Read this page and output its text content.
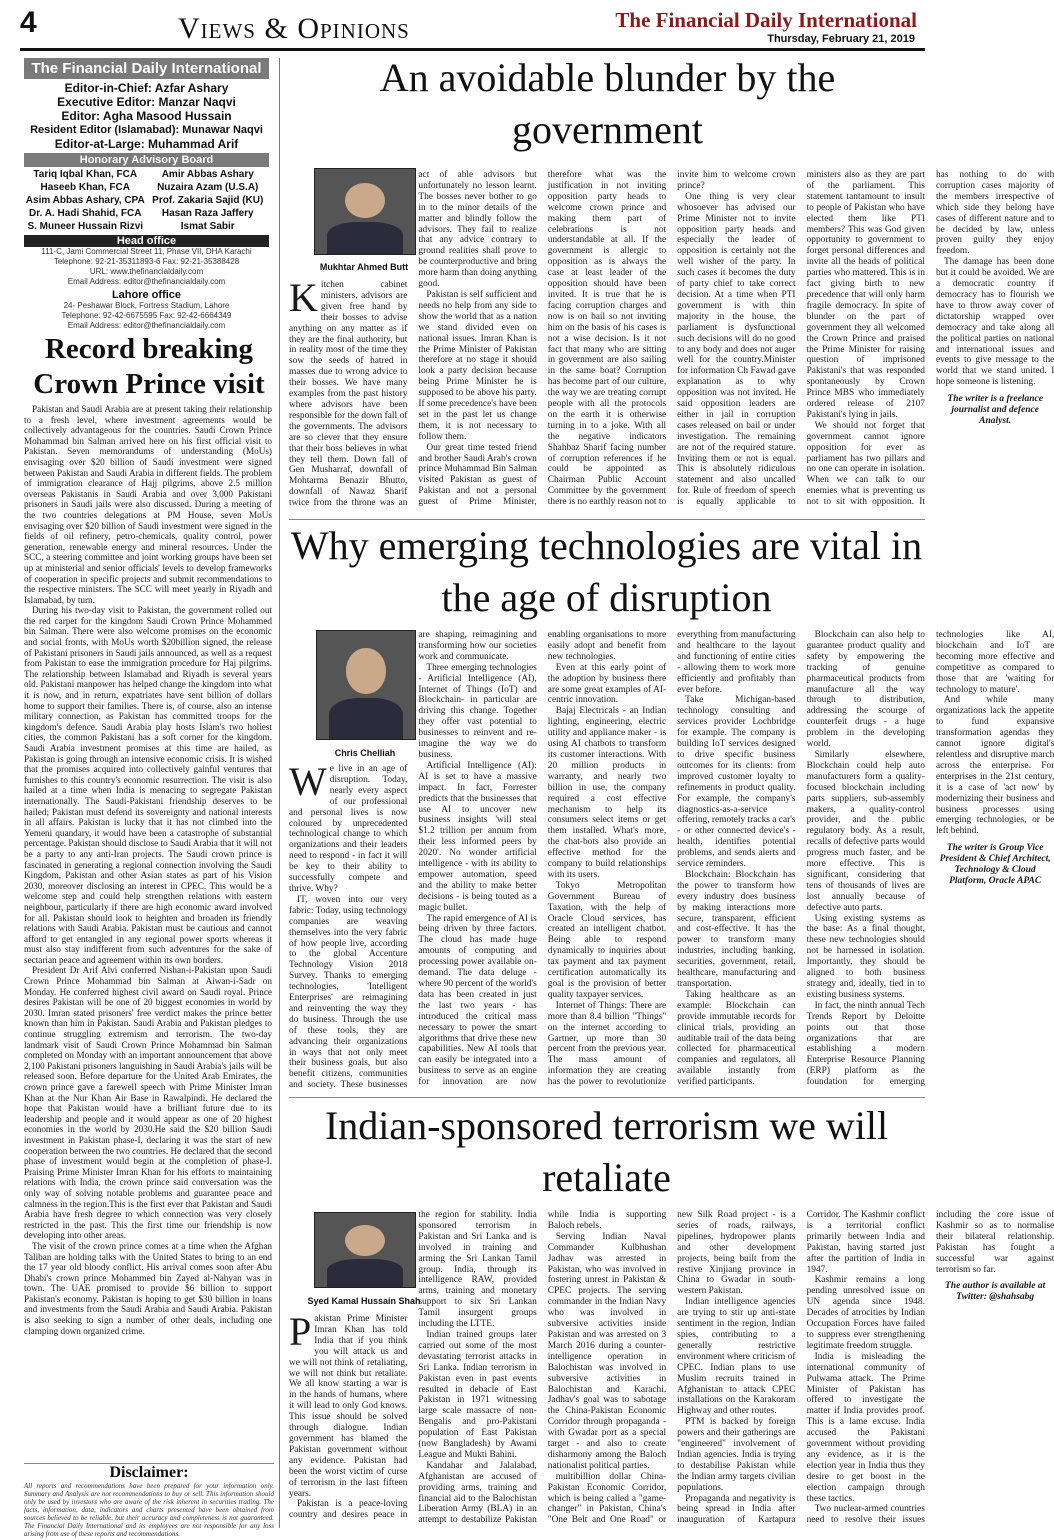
4	Views & Opinions	The Financial Daily International
Thursday, February 21, 2019
The Financial Daily International
Editor-in-Chief: Azfar Ashary
Executive Editor: Manzar Naqvi
Editor: Agha Masood Hussain
Resident Editor (Islamabad): Munawar Naqvi
Editor-at-Large: Muhammad Arif
Honorary Advisory Board
Tariq Iqbal Khan, FCA	Amir Abbas Ashary
Haseeb Khan, FCA	Nuzaira Azam (U.S.A)
Asim Abbas Ashary, CPA Prof. Zakaria Sajid (KU)
Dr. A. Hadi Shahid, FCA	Hasan Raza Jaffery
S. Muneer Hussain Rizvi	Ismat Sabir
Head office
111-C, Jami Commercial Street 11, Phase VII, DHA Karachi
Telephone: 92-21-35311893-6 Fax: 92-21-35388428
URL: www.thefinancialdaily.com
Email Address: editor@thefinancialdaily.com
Lahore office
24- Peshawar Block, Fortress Stadium, Lahore
Telephone: 92-42-6675595 Fax: 92-42-6664349
Email Address: editor@thefinancialdaily.com
Record breaking Crown Prince visit

Pakistan and Saudi Arabia are at present taking their relationship to a fresh level, where investment agreements would be collectively advantageous for the countries. Saudi Crown Prince Mohammad bin Salman arrived here on his first official visit to Pakistan. Seven memorandums of understanding (MoUs) envisaging over $20 billion of Saudi investment were signed between Pakistan and Saudi Arabia in different fields. The problem of immigration clearance of Hajj pilgrims, above 2.5 million overseas Pakistanis in Saudi Arabia and over 3,000 Pakistani prisoners in Saudi jails were also discussed. During a meeting of the two countries delegations at PM House, seven MoUs envisaging over $20 billion of Saudi investment were signed in the fields of oil refinery, petro-chemicals, quality control, power generation, renewable energy and mineral resources. Under the SCC, a steering committee and joint working groups have been set up at ministerial and senior officials' levels to develop frameworks of cooperation in specific projects and submit recommendations to the respective ministers. The SCC will meet yearly in Riyadh and Islamabad, by turn.

During his two-day visit to Pakistan, the government rolled out the red carpet for the kingdom Saudi Crown Prince Mohammed bin Salman. There were also welcome promises on the economic and social fronts, with MoUs worth $20billion signed, the release of Pakistani prisoners in Saudi jails announced, as well as a request from Pakistan to ease the immigration procedure for Haj pilgrims. The relationship between Islamabad and Riyadh is several years old. Pakistani manpower has helped change the kingdom into what it is now, and in return, expatriates have sent billion of dollars home to support their families. There is, of course, also an intense military connection, as Pakistan has committed troops for the kingdom's defence. Saudi Arabia play hosts Islam's two holiest cities, the common Pakistani has a soft corner for the kingdom. Saudi Arabia investment promises at this time are hailed, as Pakistan is going through an intensive economic crisis. It is wished that the promises acquired into collectively gainful ventures that furnishes to this country's economic resurrection. The visit is also hailed at a time when India is menacing to segregate Pakistan internationally. The Saudi-Pakistani friendship deserves to be hailed; Pakistan must defend its sovereignty and national interests in all affairs. Pakistan is lucky that it has not climbed into the Yemeni quandary, it would have been a catastrophe of substantial percentage. Pakistan should disclose to Saudi Arabia that it will not be a party to any anti-Iran projects. The Saudi crown prince is fascinated in generating a regional connection involving the Saudi Kingdom, Pakistan and other Asian states as part of his Vision 2030, moreover disclosing an interest in CPEC. This would be a welcome step and could help strengthen relations with eastern neighbour, particularly if there are high economic award involved for all. Pakistan should look to heighten and broaden its friendly relations with Saudi Arabia. Pakistan must be cautious and cannot afford to get entangled in any regional power sports whereas it must also stay indifferent from such adventures for the sake of sectarian peace and agreement within its own borders.

President Dr Arif Alvi conferred Nishan-i-Pakistan upon Saudi Crown Prince Mohammad bin Salman at Aiwan-i-Sadr on Monday. He conferred highest civil award on Saudi royal. Prince desires Pakistan will be one of 20 biggest economies in world by 2030. Imran stated prisoners' free verdict makes the prince better known than him in Pakistan. Saudi Arabia and Pakistan pledges to continue struggling extremism and terrorism. The two-day landmark visit of Saudi Crown Prince Mohammad bin Salman completed on Monday with an important announcement that above 2,100 Pakistani prisoners languishing in Saudi Arabia's jails will be released soon. Before departure for the United Arab Emirates, the crown prince gave a farewell speech with Prime Minister Imran Khan at the Nur Khan Air Base in Rawalpindi. He declared the hope that Pakistan would have a brilliant future due to its leadership and people and it would appear as one of 20 highest economies in the world by 2030.He said the $20 billion Saudi investment in Pakistan phase-I, declaring it was the start of new cooperation between the two countries. He declared that the second phase of investment would begin at the completion of phase-I. Praising Prime Minister Imran Khan for his efforts to maintaining relations with India, the crown prince said conversation was the only way of solving notable problems and guarantee peace and calmness in the region.This is the first ever that Pakistan and Saudi Arabia have fresh degree to which connection was very closely restricted in the past. This the first time our friendship is now developing into other areas.

The visit of the crown prince comes at a time when the Afghan Taliban are holding talks with the United States to bring to an end the 17 year old bloody conflict. His arrival comes soon after Abu Dhabi's crown prince Mohammed bin Zayed al-Nahyan was in town. The UAE promised to provide $6 billion to support Pakistan's economy. Pakistan is hoping to get $30 billion in loans and investments from the Saudi Arabia and Saudi Arabia. Pakistan is also seeking to sign a number of other deals, including one clamping down organized crime.

Disclaimer:
All reports and recommendations have been prepared for your information only. Summary and Analysis are not recommendations to buy or sell. This information should only be used by investors who are aware of the risk inherent in securities trading. The facts, information, data, indicators and charts presented have been obtained from sources believed to be reliable, but their accuracy and completeness is not guaranteed. The Financial Daily International and its employees are not responsible for any loss arising from use of these reports and recommendations.
An avoidable blunder by the government
Mukhtar Ahmed Butt

Kitchen cabinet ministers, advisors are given free hand by their bosses to advise anything on any matter as if they are the final authority, but in reality most of the time they sow the seeds of hatred in masses due to wrong advice to their bosses. We have many examples from the past history where advisors have been responsible for the down fall of the governments. The advisors are so clever that they ensure that their boss believes in what they tell them. Down fall of Gen Musharraf, downfall of Mohtarma Benazir Bhutto, downfall of Nawaz Sharif twice from the throne was an act of able advisors but unfortunately no lesson learnt. The bosses never bother to go in to the minor details of the matter and blindly follow the advisors. They fail to realize that any advice contrary to ground realities shall prove to be counterproductive and bring more harm than doing anything good.

Pakistan is self sufficient and needs no help from any side to show the world that as a nation we stand divided even on national issues. Imran Khan is the Prime Minister of Pakistan therefore at no stage it should look a party decision because being Prime Minister he is supposed to be above his party. If some precedence's have been set in the past let us change them, it is not necessary to follow them.

Our great time tested friend and brother Saudi Arab's crown prince Muhammad Bin Salman visited Pakistan as guest of Pakistan and not a personal guest of Prime Minister, therefore what was the justification in not inviting opposition party heads to welcome crown prince and making them part of celebrations is not understandable at all. If the government is allergic to opposition as is always the case at least leader of the opposition should have been invited. It is true that he is facing corruption charges and now is on bail so not inviting him on the basis of his cases is not a wise decision. Is it not fact that many who are sitting in government are also sailing in the same boat? Corruption has become part of our culture, the way we are treating corrupt people with all the protocols on the earth it is otherwise turning in to a joke. With all the negative indicators Shahbaz Sharif facing number of corruption references if he could be appointed as Chairman Public Account Committee by the government there is no earthly reason not to invite him to welcome crown prince?

One thing is very clear whosoever has advised our Prime Minister not to invite opposition party heads and especially the leader of opposition is certainly not the well wisher of the party. In such cases it becomes the duty of party chief to take correct decision. At a time when PTI government is with thin majority in the house, the parliament is dysfunctional such decisions will do no good to any body and does not auger well for the country.Minister for information Ch Fawad gave explanation as to why opposition was not invited. He said opposition leaders are either in jail in corruption cases released on bail or under investigation. The remaining are not of the required stature. Inviting them or not is equal. This is absolutely ridiculous statement and also uncalled for. Rule of freedom of speech is equally applicable to ministers also as they are part of the parliament. This statement tantamount to insult to people of Pakistan who have elected them like PTI members? This was God given opportunity to government to forget personal differences and invite all the heads of political parties who mattered. This is in fact giving birth to new precedence that will only harm fragile democracy. In spite of blunder on the part of government they all welcomed the Crown Prince and praised the Prime Minister for raising question of imprisoned Pakistani's that was responded spontaneously by Crown Prince MBS who immediately ordered release of 2107 Pakistani's lying in jails.

We should not forget that government cannot ignore opposition for ever as parliament has two pillars and no one can operate in isolation. When we can talk to our enemies what is preventing us not to sit with opposition. It has nothing to do with corruption cases majority of the members irrespective of which side they belong have cases of different nature and to be decided by law, unless proven guilty they enjoy freedom.

The damage has been done but it could be avoided. We are a democratic country if democracy has to flourish we have to throw away cover of dictatorship wrapped over democracy and take along all the political parties on national and international issues and events to give message to the world that we stand united. I hope someone is listening.

The writer is a freelance journalist and defence Analyst.
Why emerging technologies are vital in the age of disruption
Chris Chelliah

We live in an age of disruption. Today, nearly every aspect of our professional and personal lives is now coloured by unprecedented technological change to which organizations and their leaders need to respond - in fact it will be key to their ability to successfully compete and thrive. Why?

IT, woven into our very fabric: Today, using technology companies are weaving themselves into the very fabric of how people live, according to the global Accenture Technology Vision 2018 Survey. Thanks to emerging technologies, 'Intelligent Enterprises' are reimagining and reinventing the way they do business. Through the use of these tools, they are advancing their organizations in ways that not only meet their business goals, but also benefit citizens, communities and society. These businesses are shaping, reimagining and transforming how our societies work and communicate.

Three emerging technologies - Artificial Intelligence (AI), Internet of Things (IoT) and Blockchain- in particular are driving this change. Together they offer vast potential to businesses to reinvent and re-imagine the way we do business.

Artificial Intelligence (AI): AI is set to have a massive impact. In fact, Forrester predicts that the businesses that use AI to uncover new business insights 'will steal $1.2 trillion per annum from their less informed peers by 2020'. No wonder artificial intelligence - with its ability to empower automation, speed and the ability to make better decisions - is being touted as a magic bullet.

The rapid emergence of AI is being driven by three factors. The cloud has made huge amounts of computing and processing power available on-demand. The data deluge - where 90 percent of the world's data has been created in just the last two years - has introduced the critical mass necessary to power the smart algorithms that drive these new capabilities. New AI tools that can easily be integrated into a business to serve as an engine for innovation are now enabling organisations to more easily adopt and benefit from new technologies.

Even at this early point of the adoption by business there are some great examples of AI-centric innovation.

Bajaj Electricals - an Indian lighting, engineering, electric utility and appliance maker - is using AI chatbots to transform its customer interactions. With 20 million products in warranty, and nearly two billion in use, the company required a cost effective mechanism to help its consumers select items or get them installed. What's more, the chat-bots also provide an effective method for the company to build relationships with its users.

Tokyo Metropolitan Government Bureau of Taxation, with the help of Oracle Cloud services, has created an intelligent chatbot. Being able to respond dynamically to inquiries about tax payment and tax payment certification automatically its goal is the provision of better quality taxpayer services.

Internet of Things: There are more than 8.4 billion "Things" on the internet according to Gartner, up more than 30 percent from the previous year. The mass amount of information they are creating has the power to revolutionize everything from manufacturing and healthcare to the layout and functioning of entire cities - allowing them to work more efficiently and profitably than ever before.

Take Michigan-based technology consulting and services provider Lochbridge for example. The company is building IoT services designed to drive specific business outcomes for its clients: from improved customer loyalty to refinements in product quality. For example, the company's diagnostics-as-a-service offering, remotely tracks a car's - or other connected device's - health, identifies potential problems, and sends alerts and service reminders.

Blockchain: Blockchain has the power to transform how every industry does business by making interactions more secure, transparent, efficient and cost-effective. It has the power to transform many industries, including banking, securities, government, retail, healthcare, manufacturing and transportation.

Taking healthcare as an example: Blockchain can provide immutable records for clinical trials, providing an auditable trail of the data being collected for pharmaceutical companies and regulators, all available instantly from verified participants.

Blockchain can also help to guarantee product quality and safety by empowering the tracking of genuine pharmaceutical products from manufacture all the way through to distribution, addressing the scourge of counterfeit drugs - a huge problem in the developing world.

Similarly elsewhere, Blockchain could help auto manufacturers form a quality-focused blockchain including parts suppliers, sub-assembly makers, a quality-control provider, and the public regulatory body. As a result, recalls of defective parts would progress much faster, and be more effective. This is significant, considering that tens of thousands of lives are lost annually because of defective auto parts.

Using existing systems as the base: As a final thought, these new technologies should not be harnessed in isolation. Importantly, they should be aligned to both business strategy and, ideally, tied in to existing business systems.

In fact, the ninth annual Tech Trends Report by Deloitte points out that those organizations that are establishing a modern Enterprise Resource Planning (ERP) platform as the foundation for emerging technologies like AI, blockchain and IoT are becoming more effective and competitive as compared to those that are 'waiting for technology to mature'.

And while many organizations lack the appetite to fund expansive transformation agendas they cannot ignore digital's relentless and disruptive march across the enterprise. For enterprises in the 21st century, it is a case of 'act now' by modernizing their business and business processes using emerging technologies, or be left behind.

The writer is Group Vice President & Chief Architect, Technology & Cloud Platform, Oracle APAC
Indian-sponsored terrorism we will retaliate
Syed Kamal Hussain Shah

Pakistan Prime Minister Imran Khan has told India that if you think you will attack us and we will not think of retaliating, we will not think but retaliate. We all know starting a war is in the hands of humans, where it will lead to only God knows. This issue should be solved through dialogue. Indian government has blamed the Pakistan government without any evidence. Pakistan had been the worst victim of curse of terrorism in the last fifteen years.

Pakistan is a peace-loving country and desires peace in the region for stability. India sponsored terrorism in Pakistan and Sri Lanka and is involved in training and arming the Sri Lankan Tamil group. India, through its intelligence RAW, provided arms, training and monetary support to six Sri Lankan Tamil insurgent groups including the LTTE.

Indian trained groups later carried out some of the most devastating terrorist attacks in Sri Lanka. Indian terrorism in Pakistan even in past events resulted in debacle of East Pakistan in 1971 witnessing large scale massacre of non-Bengalis and pro-Pakistani population of East Pakistan (now Bangladesh) by Awami League and Mukti Bahini.

Kandahar and Jalalabad, Afghanistan are accused of providing arms, training and financial aid to the Balochistan Liberation Army (BLA) in an attempt to destabilize Pakistan while India is supporting Baloch rebels.

Serving Indian Naval Commander Kulbhushan Jadhav was arrested in Pakistan, who was involved in fostering unrest in Pakistan & CPEC projects. The serving commander in the Indian Navy who was involved in subversive activities inside Pakistan and was arrested on 3 March 2016 during a counter-intelligence operation in Balochistan was involved in subversive activities in Balochistan and Karachi. Jadhav's goal was to sabotage the China-Pakistan Economic Corridor through propaganda - with Gwadar port as a special target - and also to create disharmony among the Baloch nationalist political parties.

multibillion dollar China-Pakistan Economic Corridor, which is being called a "game-changer" in Pakistan, China's "One Belt and One Road" or new Silk Road project - is a series of roads, railways, pipelines, hydropower plants and other development projects, being built from the restive Xinjiang province in China to Gwadar in south-western Pakistan.

Indian intelligence agencies are trying to stir up anti-state sentiment in the region, Indian spies, contributing to a generally restrictive environment where criticism of CPEC. Indian plans to use Muslim recruits trained in Afghanistan to attack CPEC installations on the Karakoram Highway and other routes.

PTM is backed by foreign powers and their gatherings are "engineered" involvement of Indian agencies. India is trying to destabilise Pakistan while the Indian army targets civilian populations.

Propaganda and negativity is being spread in India after inauguration of Kartapura Corridor. The Kashmir conflict is a territorial conflict primarily between India and Pakistan, having started just after the partition of India in 1947.

Kashmir remains a long pending unresolved issue on UN agenda since 1948. Decades of atrocities by Indian Occupation Forces have failed to suppress ever strengthening legitimate freedom struggle.

India is misleading the international community of Pulwama attack. The Prime Minister of Pakistan has offered to investigate the matter if India provides proof. This is a lame excuse. India accused the Pakistani government without providing any evidence, as it is the election year in India thus they desire to get boost in the election campaign through these tactics.

Two nuclear-armed countries need to resolve their issues including the core issue of Kashmir so as to normalise their bilateral relationship. Pakistan has fought a successful war against terrorism so far.

The author is available at Twitter: @shahsabg
